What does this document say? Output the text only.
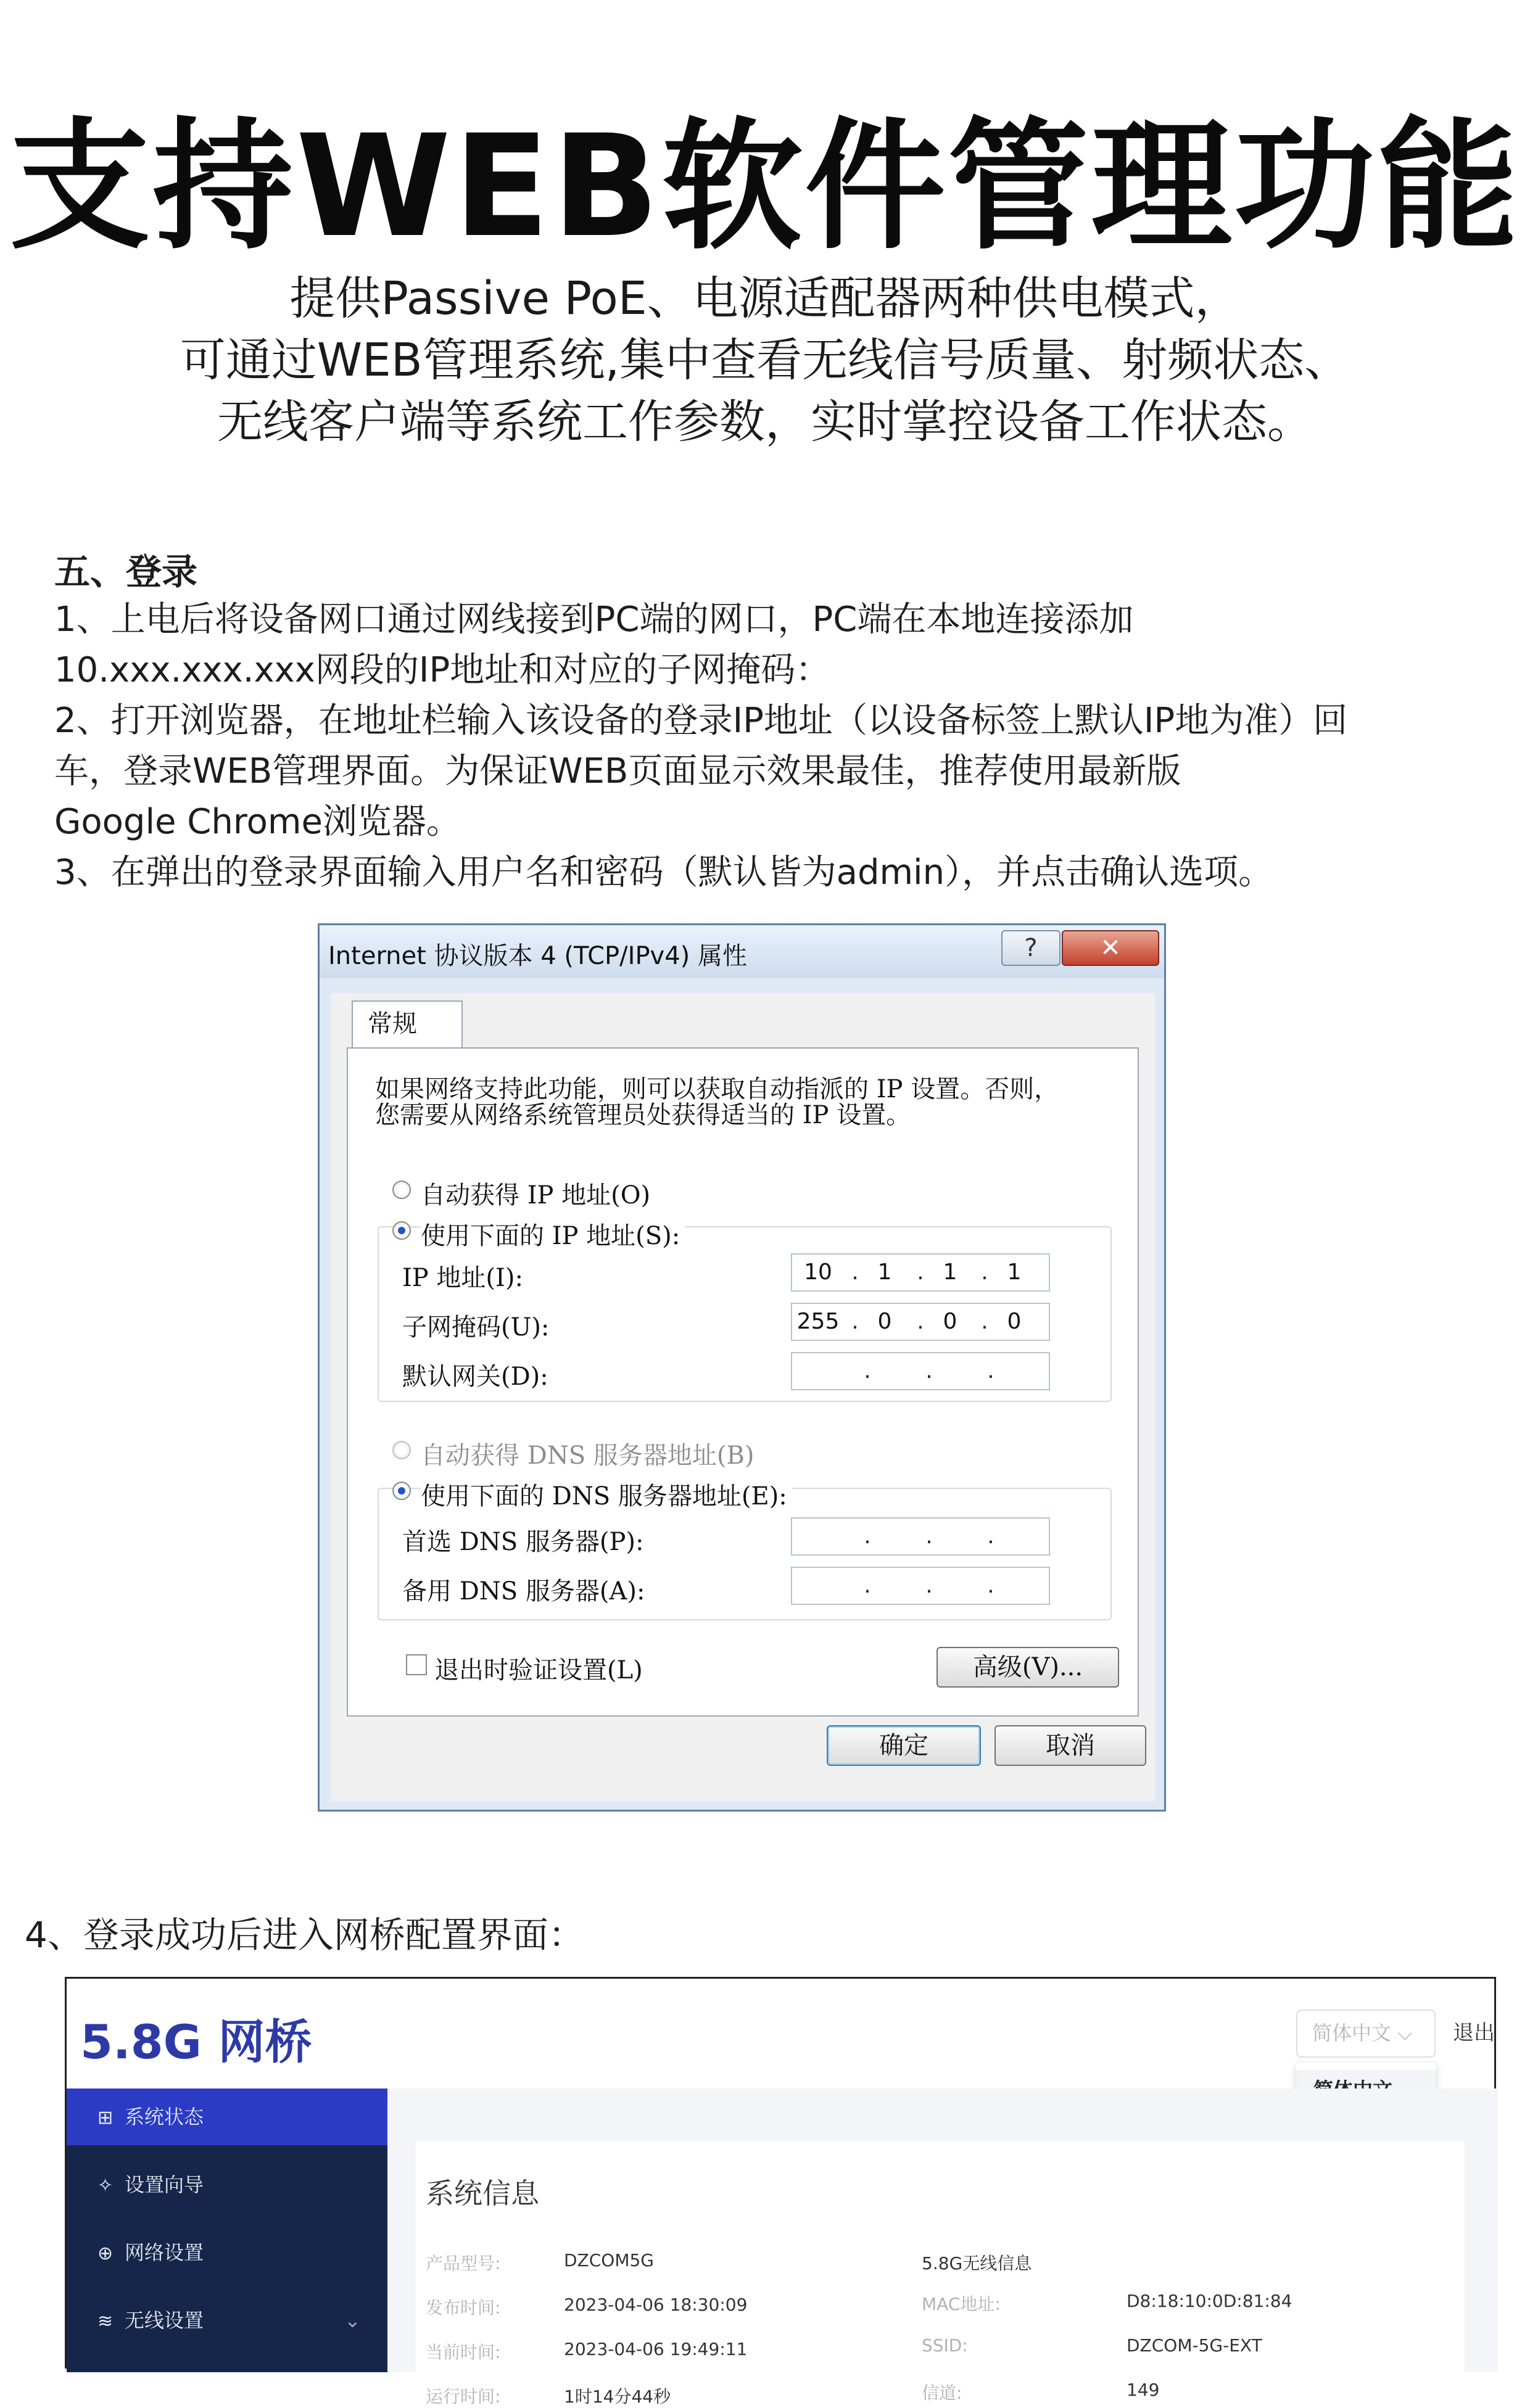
支持WEB软件管理功能
提供Passive PoE、电源适配器两种供电模式，
可通过WEB管理系统,集中查看无线信号质量、射频状态、
无线客户端等系统工作参数，实时掌控设备工作状态。
五、登录
1、上电后将设备网口通过网线接到PC端的网口，PC端在本地连接添加
10.xxx.xxx.xxx网段的IP地址和对应的子网掩码：
2、打开浏览器，在地址栏输入该设备的登录IP地址（以设备标签上默认IP地为准）回
车，登录WEB管理界面。为保证WEB页面显示效果最佳，推荐使用最新版
Google Chrome浏览器。
3、在弹出的登录界面输入用户名和密码（默认皆为admin），并点击确认选项。
Internet 协议版本 4 (TCP/IPv4) 属性	?	✕
常规
如果网络支持此功能，则可以获取自动指派的 IP 设置。否则，
您需要从网络系统管理员处获得适当的 IP 设置。
自动获得 IP 地址(O)
使用下面的 IP 地址(S):
IP 地址(I):	10 . 1	. 1	. 1
子网掩码(U):	255 . 0	. 0	. 0
默认网关(D):	. . .
自动获得 DNS 服务器地址(B)
使用下面的 DNS 服务器地址(E):
首选 DNS 服务器(P):	. . .
备用 DNS 服务器(A):	. . .
退出时验证设置(L)	高级(V)...
确定	取消
4、登录成功后进入网桥配置界面：
5.8G 网桥	简体中文 ⌵	退出
⊞ 系统状态
✧ 设置向导
⊕ 网络设置
≋ 无线设置	⌄
系统信息
产品型号:	DZCOM5G
发布时间:	2023-04-06 18:30:09
当前时间:	2023-04-06 19:49:11
运行时间:	1时14分44秒
5.8G无线信息
MAC地址:	D8:18:10:0D:81:84
SSID:	DZCOM-5G-EXT
信道:	149
